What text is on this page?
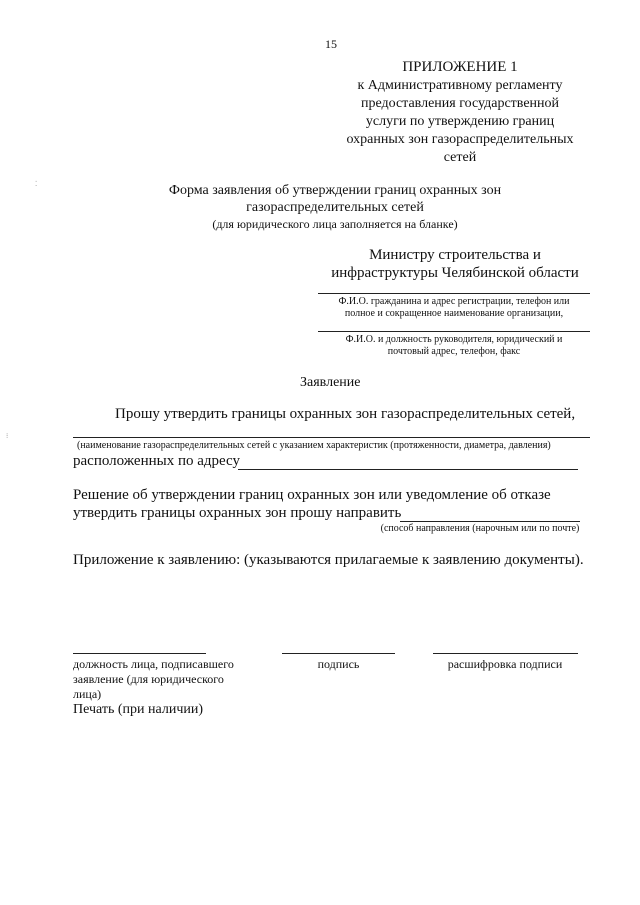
15
ПРИЛОЖЕНИЕ 1
к Административному регламенту
предоставления государственной
услуги по утверждению границ
охранных зон газораспределительных
сетей
Форма заявления об утверждении границ охранных зон
газораспределительных сетей
(для юридического лица заполняется на бланке)
Министру строительства и
инфраструктуры Челябинской области
Ф.И.О. гражданина и адрес регистрации, телефон или
полное и сокращенное наименование организации,
Ф.И.О. и должность руководителя, юридический и
почтовый адрес, телефон, факс
Заявление
Прошу утвердить границы охранных зон газораспределительных сетей,
(наименование газораспределительных сетей с указанием характеристик (протяженности, диаметра, давления)
расположенных по адресу
Решение об утверждении границ охранных зон или уведомление об отказе
утвердить границы охранных зон прошу направить
(способ направления (нарочным или по почте)
Приложение к заявлению: (указываются прилагаемые к заявлению документы).
должность лица, подписавшего
заявление (для юридического
лица)
подпись	расшифровка подписи
Печать (при наличии)
⁚
⁝
